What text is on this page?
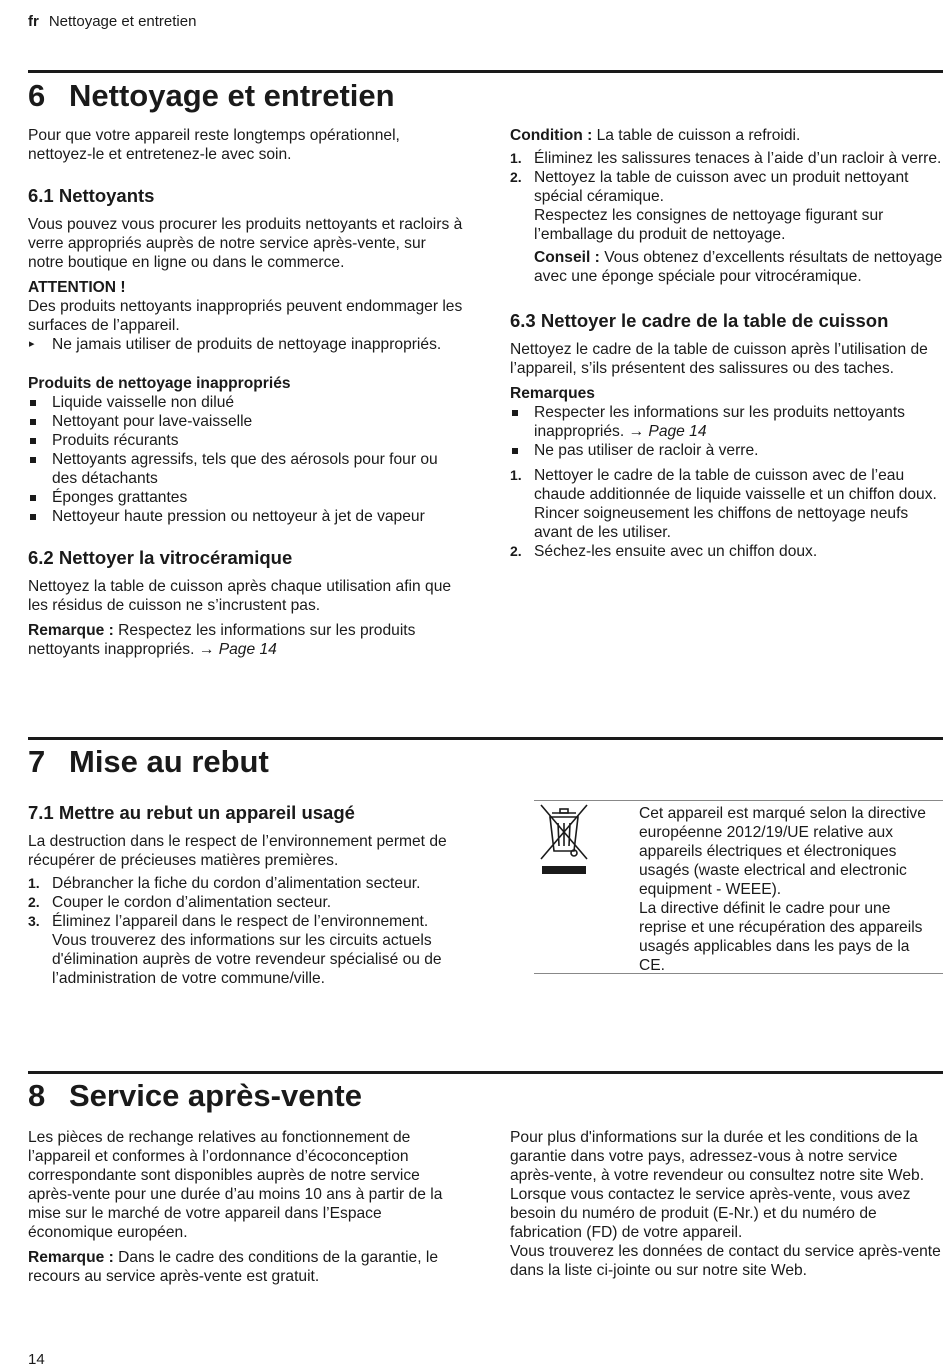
fr Nettoyage et entretien
6 Nettoyage et entretien

Pour que votre appareil reste longtemps opérationnel, nettoyez-le et entretenez-le avec soin.

6.1 Nettoyants

Vous pouvez vous procurer les produits nettoyants et racloirs à verre appropriés auprès de notre service après-vente, sur notre boutique en ligne ou dans le commerce.

ATTENTION !

Des produits nettoyants inappropriés peuvent endommager les surfaces de l’appareil.

▸ Ne jamais utiliser de produits de nettoyage inappropriés.

Produits de nettoyage inappropriés

Liquide vaisselle non dilué
Nettoyant pour lave-vaisselle
Produits récurants
Nettoyants agressifs, tels que des aérosols pour four ou des détachants
Éponges grattantes
Nettoyeur haute pression ou nettoyeur à jet de vapeur
6.2 Nettoyer la vitrocéramique

Nettoyez la table de cuisson après chaque utilisation afin que les résidus de cuisson ne s’incrustent pas.

Remarque : Respectez les informations sur les produits nettoyants inappropriés. → Page 14

Condition : La table de cuisson a refroidi.

1. Éliminez les salissures tenaces à l’aide d’un racloir à verre.
2. Nettoyez la table de cuisson avec un produit nettoyant spécial céramique.
Respectez les consignes de nettoyage figurant sur l’emballage du produit de nettoyage.

Conseil : Vous obtenez d’excellents résultats de nettoyage avec une éponge spéciale pour vitrocéramique.

6.3 Nettoyer le cadre de la table de cuisson

Nettoyez le cadre de la table de cuisson après l’utilisation de l’appareil, s’ils présentent des salissures ou des taches.

Remarques

Respecter les informations sur les produits nettoyants inappropriés. → Page 14
Ne pas utiliser de racloir à verre.
1. Nettoyer le cadre de la table de cuisson avec de l’eau chaude additionnée de liquide vaisselle et un chiffon doux.
Rincer soigneusement les chiffons de nettoyage neufs avant de les utiliser.
2. Séchez-les ensuite avec un chiffon doux.
7 Mise au rebut
7.1 Mettre au rebut un appareil usagé

La destruction dans le respect de l’environnement permet de récupérer de précieuses matières premières.

1. Débrancher la fiche du cordon d’alimentation secteur.
2. Couper le cordon d’alimentation secteur.
3. Éliminez l’appareil dans le respect de l’environnement.
Vous trouverez des informations sur les circuits actuels d'élimination auprès de votre revendeur spécialisé ou de l’administration de votre commune/ville.

Cet appareil est marqué selon la directive européenne 2012/19/UE relative aux appareils électriques et électroniques usagés (waste electrical and electronic equipment - WEEE).

La directive définit le cadre pour une reprise et une récupération des appareils usagés applicables dans les pays de la CE.

8 Service après-vente

Les pièces de rechange relatives au fonctionnement de l’appareil et conformes à l’ordonnance d’écoconception correspondante sont disponibles auprès de notre service après-vente pour une durée d’au moins 10 ans à partir de la mise sur le marché de votre appareil dans l’Espace économique européen.

Remarque : Dans le cadre des conditions de la garantie, le recours au service après-vente est gratuit.

Pour plus d'informations sur la durée et les conditions de la garantie dans votre pays, adressez-vous à notre service après-vente, à votre revendeur ou consultez notre site Web.

Lorsque vous contactez le service après-vente, vous avez besoin du numéro de produit (E-Nr.) et du numéro de fabrication (FD) de votre appareil.

Vous trouverez les données de contact du service après-vente dans la liste ci-jointe ou sur notre site Web.

14
